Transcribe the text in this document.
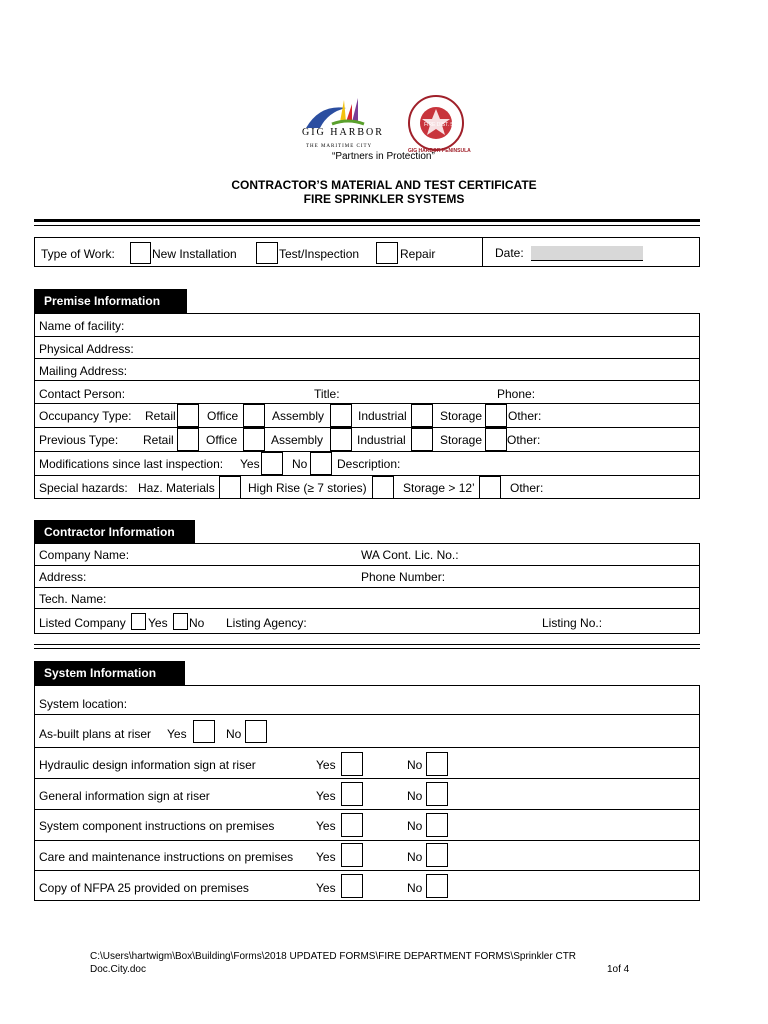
GIG HARBOR
THE MARITIME CITY
FIRE DIST. 5
GIG HARBOR PENINSULA
“Partners in Protection”
CONTRACTOR’S MATERIAL AND TEST CERTIFICATE
FIRE SPRINKLER SYSTEMS
Type of Work:	New Installation	Test/Inspection	Repair	Date:
Premise Information
Name of facility:
Physical Address:
Mailing Address:
Contact Person:	Title:	Phone:
Occupancy Type: Retail	Office	Assembly	Industrial	Storage Other:
Previous Type: Retail	Office	Assembly	Industrial	Storage Other:
Modifications since last inspection: Yes	No Description:
Special hazards: Haz. Materials	High Rise (≥ 7 stories)	Storage > 12’	Other:
Contractor Information
Company Name:	WA Cont. Lic. No.:
Address:	Phone Number:
Tech. Name:
Listed Company Yes No Listing Agency:	Listing No.:
System Information
System location:
As-built plans at riser Yes	No
Hydraulic design information sign at riser	Yes	No
General information sign at riser	Yes	No
System component instructions on premises	Yes	No
Care and maintenance instructions on premises Yes	No
Copy of NFPA 25 provided on premises	Yes	No
C:\Users\hartwigm\Box\Building\Forms\2018 UPDATED FORMS\FIRE DEPARTMENT FORMS\Sprinkler CTR
Doc.City.doc	1of 4
